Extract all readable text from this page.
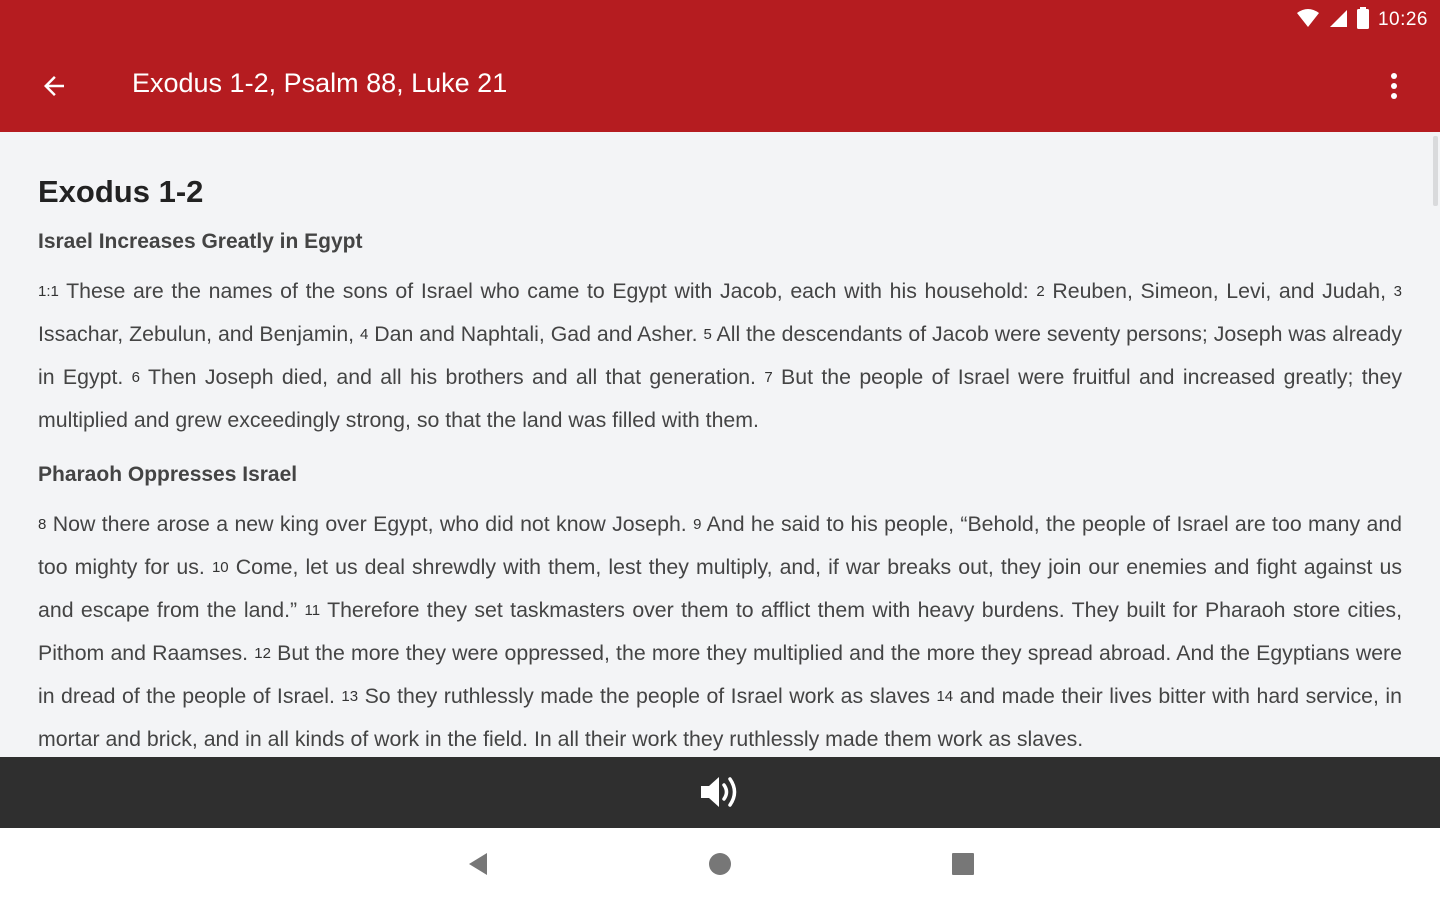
10:26
Exodus 1-2, Psalm 88, Luke 21
Exodus 1-2
Israel Increases Greatly in Egypt

1:1 These are the names of the sons of Israel who came to Egypt with Jacob, each with his household: 2 Reuben, Simeon, Levi, and Judah, 3 Issachar, Zebulun, and Benjamin, 4 Dan and Naphtali, Gad and Asher. 5 All the descendants of Jacob were seventy persons; Joseph was already in Egypt. 6 Then Joseph died, and all his brothers and all that generation. 7 But the people of Israel were fruitful and increased greatly; they multiplied and grew exceedingly strong, so that the land was filled with them.

Pharaoh Oppresses Israel

8 Now there arose a new king over Egypt, who did not know Joseph. 9 And he said to his people, “Behold, the people of Israel are too many and too mighty for us. 10 Come, let us deal shrewdly with them, lest they multiply, and, if war breaks out, they join our enemies and fight against us and escape from the land.” 11 Therefore they set taskmasters over them to afflict them with heavy burdens. They built for Pharaoh store cities, Pithom and Raamses. 12 But the more they were oppressed, the more they multiplied and the more they spread abroad. And the Egyptians were in dread of the people of Israel. 13 So they ruthlessly made the people of Israel work as slaves 14 and made their lives bitter with hard service, in mortar and brick, and in all kinds of work in the field. In all their work they ruthlessly made them work as slaves.
